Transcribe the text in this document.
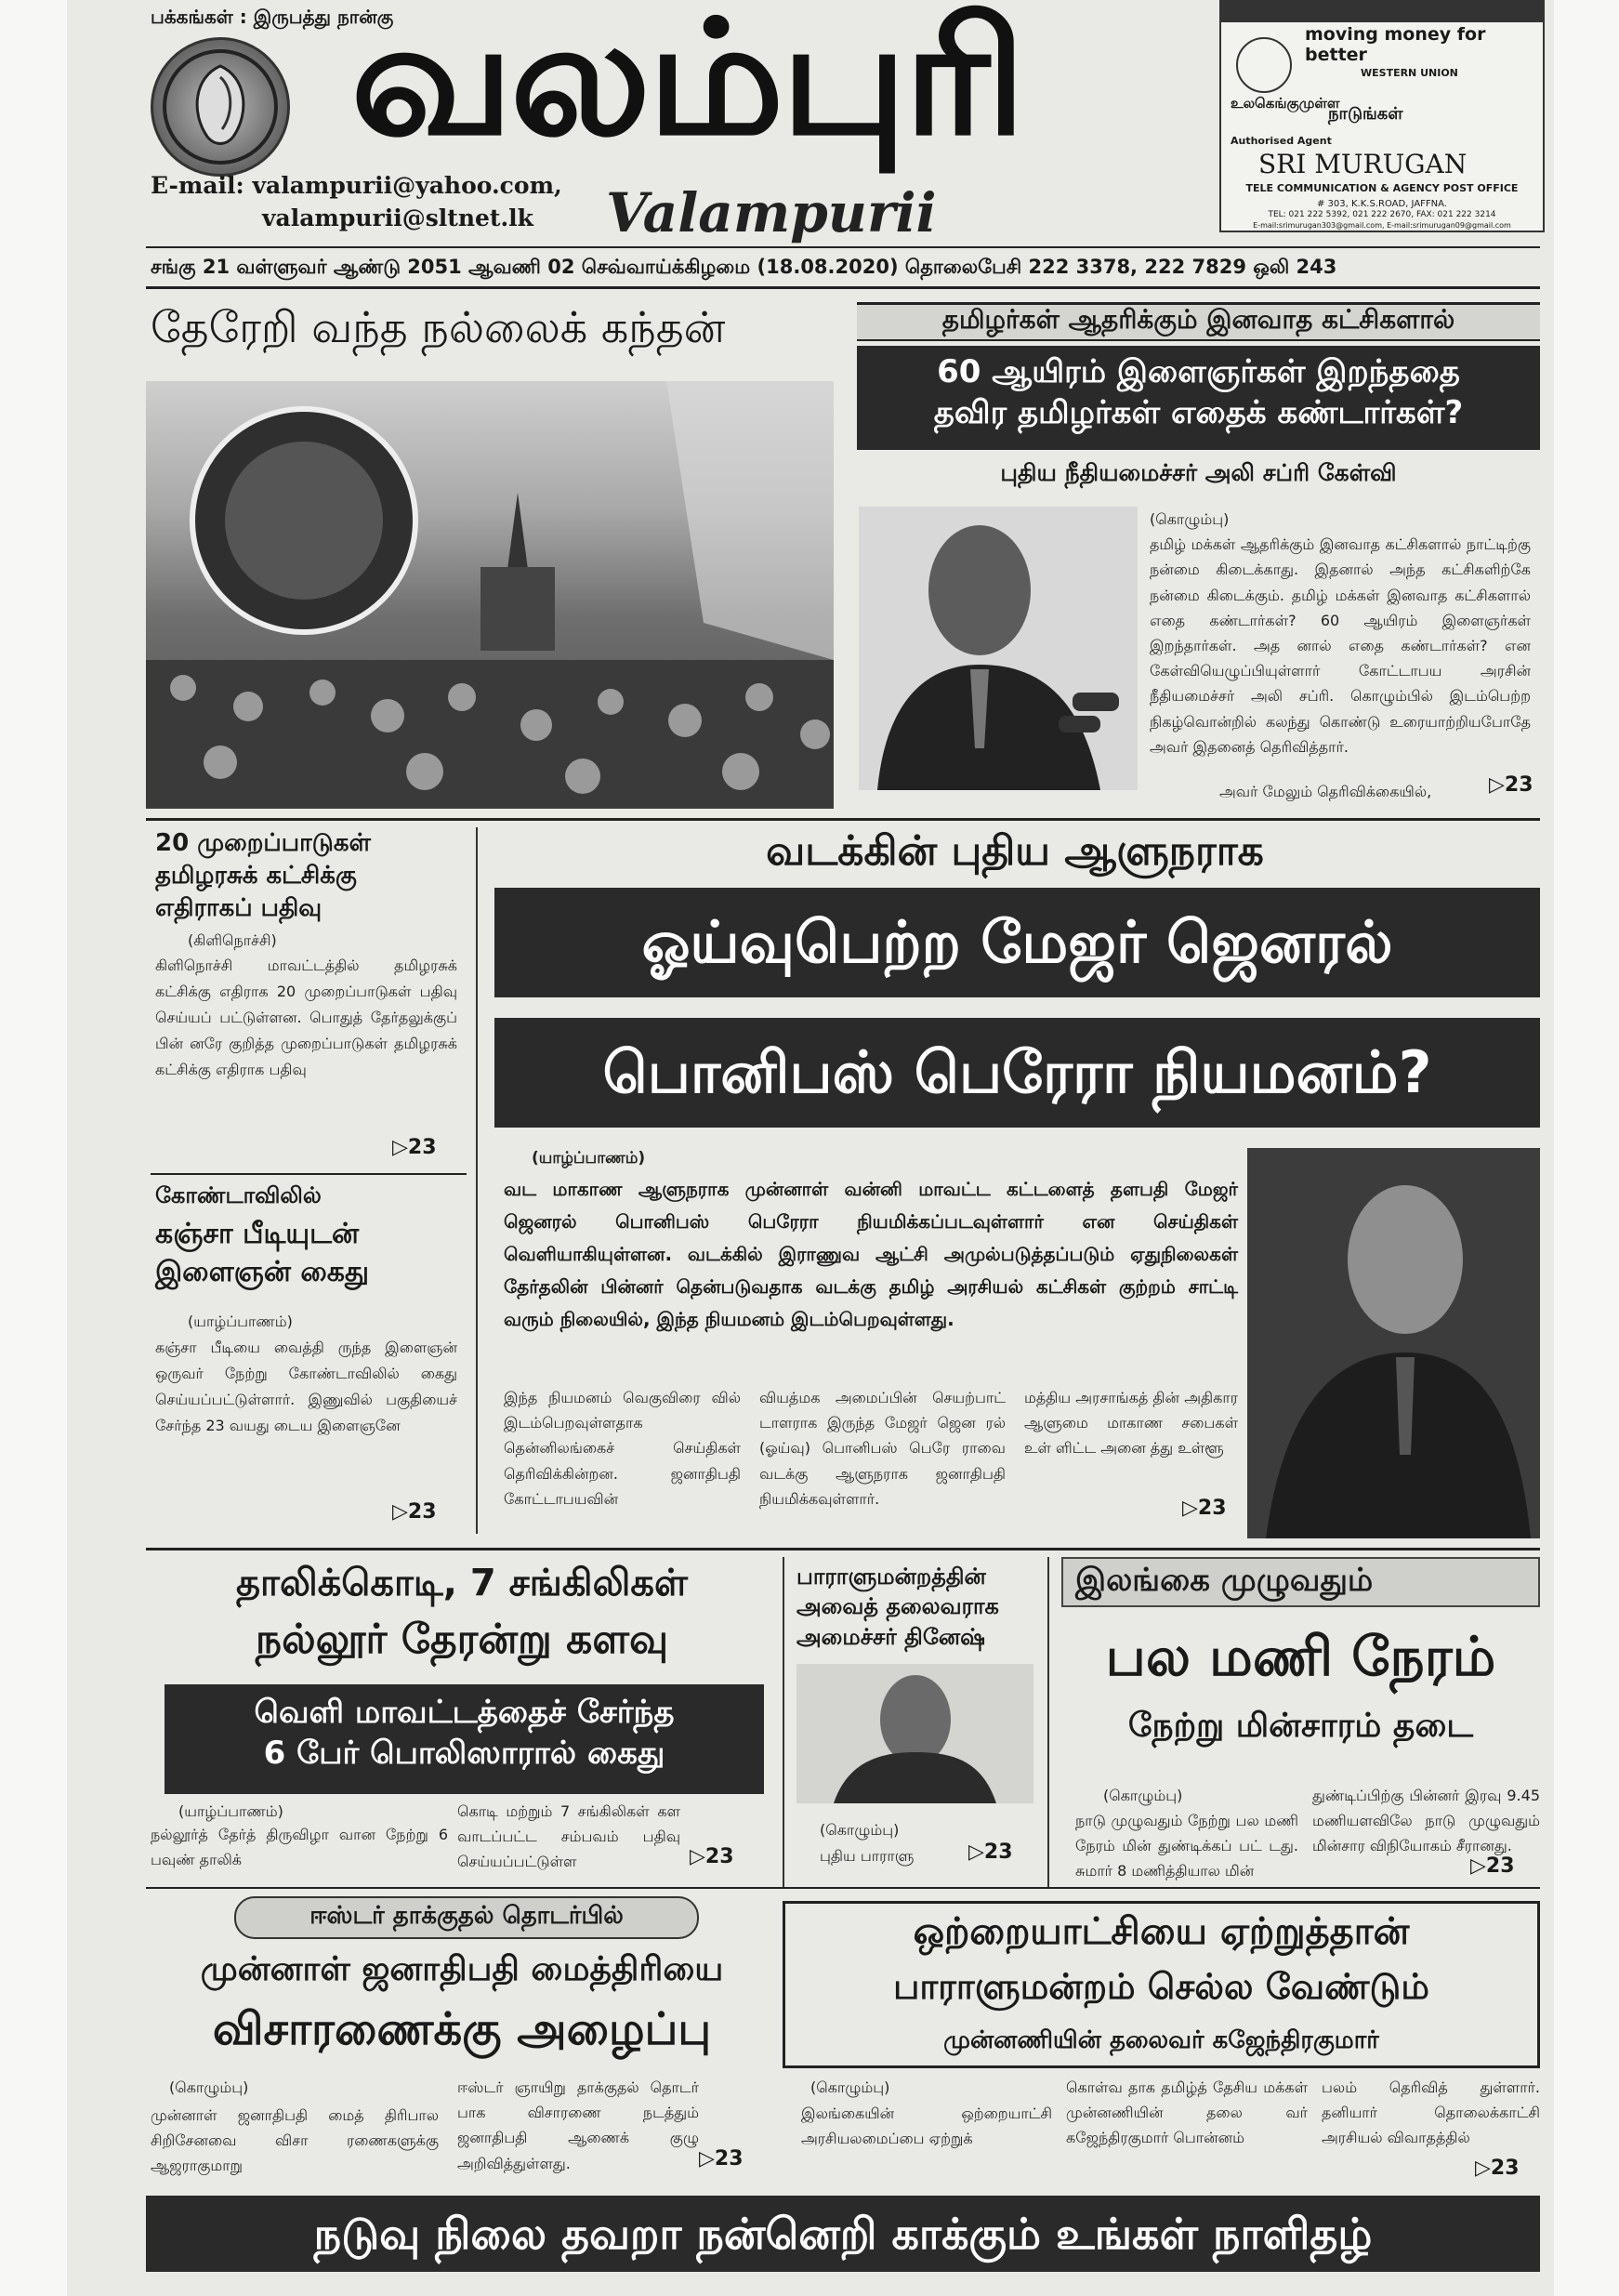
பக்கங்கள் : இருபத்து நான்கு
வலம்புரி
Valampurii
E-mail: valampurii@yahoo.com,
valampurii@sltnet.lk
moving money for better
உலகெங்குமுள்ள
WESTERN UNION
நாடுங்கள்
Authorised Agent
SRI MURUGAN
TELE COMMUNICATION & AGENCY POST OFFICE
# 303, K.K.S.ROAD, JAFFNA.
TEL: 021 222 5392, 021 222 2670, FAX: 021 222 3214
E-mail:srimurugan303@gmail.com, E-mail:srimurugan09@gmail.com
சங்கு 21 வள்ளுவர் ஆண்டு 2051 ஆவணி 02 செவ்வாய்க்கிழமை (18.08.2020) தொலைபேசி 222 3378, 222 7829 ஒலி 243
தேரேறி வந்த நல்லைக் கந்தன்	தமிழர்கள் ஆதரிக்கும் இனவாத கட்சிகளால்
60 ஆயிரம் இளைஞர்கள் இறந்ததை
தவிர தமிழர்கள் எதைக் கண்டார்கள்?
புதிய நீதியமைச்சர் அலி சப்ரி கேள்வி
(கொழும்பு)
தமிழ் மக்கள் ஆதரிக்கும் இனவாத கட்சிகளால் நாட்டிற்கு நன்மை கிடைக்காது. இதனால் அந்த கட்சிகளிற்கே நன்மை கிடைக்கும். தமிழ் மக்கள் இனவாத கட்சிகளால் எதை கண்டார்கள்? 60 ஆயிரம் இளைஞர்கள் இறந்தார்கள். அத னால் எதை கண்டார்கள்? என கேள்வியெழுப்பியுள்ளார் கோட்டாபய அரசின் நீதியமைச்சர் அலி சப்ரி. கொழும்பில் இடம்பெற்ற நிகழ்வொன்றில் கலந்து கொண்டு உரையாற்றியபோதே அவர் இதனைத் தெரிவித்தார்.
அவர் மேலும் தெரிவிக்கையில்,	▷23
20 முறைப்பாடுகள் தமிழரசுக் கட்சிக்கு எதிராகப் பதிவு
(கிளிநொச்சி)
கிளிநொச்சி மாவட்டத்தில் தமிழரசுக் கட்சிக்கு எதிராக 20 முறைப்பாடுகள் பதிவு செய்யப் பட்டுள்ளன. பொதுத் தேர்தலுக்குப் பின் னரே குறித்த முறைப்பாடுகள் தமிழரசுக் கட்சிக்கு எதிராக பதிவு
▷23
கோண்டாவிலில்
கஞ்சா பீடியுடன் இளைஞன் கைது
(யாழ்ப்பாணம்)
கஞ்சா பீடியை வைத்தி ருந்த இளைஞன் ஒருவர் நேற்று கோண்டாவிலில் கைது செய்யப்பட்டுள்ளார். இணுவில் பகுதியைச் சேர்ந்த 23 வயது டைய இளைஞனே
▷23
வடக்கின் புதிய ஆளுநராக
ஓய்வுபெற்ற மேஜர் ஜெனரல்
பொனிபஸ் பெரேரா நியமனம்?
(யாழ்ப்பாணம்)
வட மாகாண ஆளுநராக முன்னாள் வன்னி மாவட்ட கட்டளைத் தளபதி மேஜர் ஜெனரல் பொனிபஸ் பெரேரா நியமிக்கப்படவுள்ளார் என செய்திகள் வெளியாகியுள்ளன. வடக்கில் இராணுவ ஆட்சி அமுல்படுத்தப்படும் ஏதுநிலைகள் தேர்தலின் பின்னர் தென்படுவதாக வடக்கு தமிழ் அரசியல் கட்சிகள் குற்றம் சாட்டி வரும் நிலையில், இந்த நியமனம் இடம்பெறவுள்ளது.
இந்த நியமனம் வெகுவிரை வில் இடம்பெறவுள்ளதாக தென்னிலங்கைச் செய்திகள் தெரிவிக்கின்றன. ஜனாதிபதி கோட்டாபயவின்
வியத்மக அமைப்பின் செயற்பாட் டாளராக இருந்த மேஜர் ஜென ரல் (ஓய்வு) பொனிபஸ் பெரே ராவை வடக்கு ஆளுநராக ஜனாதிபதி நியமிக்கவுள்ளார்.
மத்திய அரசாங்கத் தின் அதிகார ஆளுமை மாகாண சபைகள் உள் ளிட்ட அனை த்து உள்ளூ
▷23
தாலிக்கொடி, 7 சங்கிலிகள்
நல்லூர் தேரன்று களவு
வெளி மாவட்டத்தைச் சேர்ந்த
6 பேர் பொலிஸாரால் கைது
(யாழ்ப்பாணம்)
நல்லூர்த் தேர்த் திருவிழா வான நேற்று 6 பவுண் தாலிக்
கொடி மற்றும் 7 சங்கிலிகள் கள வாடப்பட்ட சம்பவம் பதிவு செய்யப்பட்டுள்ள	▷23
பாராளுமன்றத்தின் அவைத் தலைவராக அமைச்சர் தினேஷ்
(கொழும்பு)
புதிய பாராளு	▷23
இலங்கை முழுவதும்
பல மணி நேரம்
நேற்று மின்சாரம் தடை
(கொழும்பு)
நாடு முழுவதும் நேற்று பல மணி நேரம் மின் துண்டிக்கப் பட் டது. சுமார் 8 மணித்தியால மின்
துண்டிப்பிற்கு பின்னர் இரவு 9.45 மணியளவிலே நாடு முழுவதும் மின்சார விநியோகம் சீரானது.
▷23
ஈஸ்டர் தாக்குதல் தொடர்பில்
முன்னாள் ஜனாதிபதி மைத்திரியை
விசாரணைக்கு அழைப்பு
(கொழும்பு)
முன்னாள் ஜனாதிபதி மைத் திரிபால சிறிசேனவை விசா ரணைகளுக்கு ஆஜராகுமாறு
ஈஸ்டர் ஞாயிறு தாக்குதல் தொடர் பாக விசாரணை நடத்தும் ஜனாதிபதி ஆணைக் குழு அறிவித்துள்ளது.	▷23
ஒற்றையாட்சியை ஏற்றுத்தான்
பாராளுமன்றம் செல்ல வேண்டும்
முன்னணியின் தலைவர் கஜேந்திரகுமார்
(கொழும்பு)
இலங்கையின் ஒற்றையாட்சி அரசியலமைப்பை ஏற்றுக்
கொள்வ தாக தமிழ்த் தேசிய மக்கள் முன்னணியின் தலை வர் கஜேந்திரகுமார் பொன்னம்
பலம் தெரிவித் துள்ளார். தனியார் தொலைக்காட்சி அரசியல் விவாதத்தில்
▷23
நடுவு நிலை தவறா நன்னெறி காக்கும் உங்கள் நாளிதழ்
